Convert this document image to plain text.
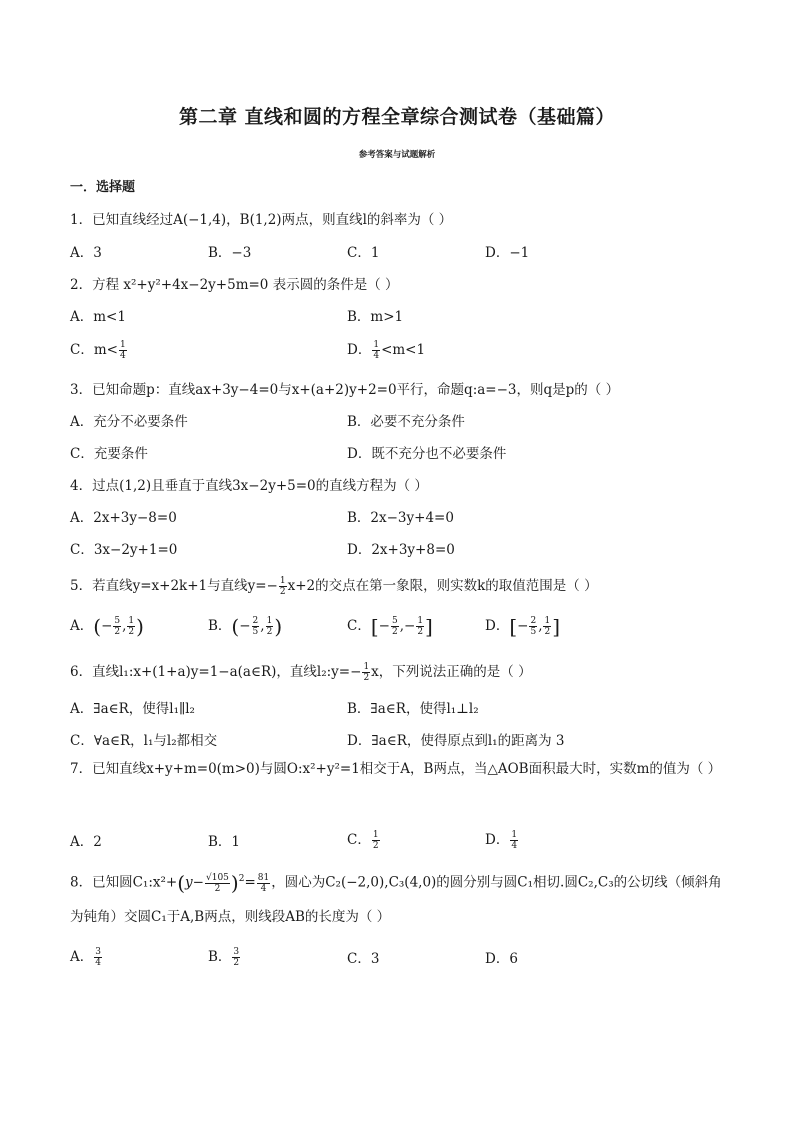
第二章 直线和圆的方程全章综合测试卷（基础篇）
参考答案与试题解析
一．选择题
1．已知直线经过A(−1,4)，B(1,2)两点，则直线l的斜率为（ ）
A．3	B．−3	C．1	D．−1
2．方程 x²+y²+4x−2y+5m=0 表示圆的条件是（ ）
A．m<1	B．m>1
C．$m< \frac{1}{4}$	D． $\frac{1}{4} <m<1$
3．已知命题p：直线ax+3y−4=0与x+(a+2)y+2=0平行，命题q:a=−3，则q是p的（ ）
A．充分不必要条件	B．必要不充分条件
C．充要条件	D．既不充分也不必要条件
4．过点(1,2)且垂直于直线3x−2y+5=0的直线方程为（ ）
A．2x+3y−8=0	B．2x−3y+4=0
C．3x−2y+1=0	D．2x+3y+8=0
5．若直线y=x+2k+1与直线$y=- \frac{1}{2} x+2$的交点在第一象限，则实数k的取值范围是（ ）
A．(− $\frac{5}{2}$ , $\frac{1}{2}$ )	B．(− $\frac{2}{5}$ , $\frac{1}{2}$ )	C．[− $\frac{5}{2}$ ,− $\frac{1}{2}$ ]	D．[− $\frac{2}{5}$ , $\frac{1}{2}$ ]
6．直线l₁:x+(1+a)y=1−a(a∈R)，直线l₂:y=− $\frac{1}{2}$ x，下列说法正确的是（ ）
A．∃a∈R，使得l₁∥l₂	B．∃a∈R，使得l₁⊥l₂
C．∀a∈R，l₁与l₂都相交	D．∃a∈R，使得原点到l₁的距离为 3
7．已知直线x+y+m=0(m>0)与圆O:x²+y²=1相交于A，B两点，当△AOB面积最大时，实数m的值为（ ）
A．2	B．1	C． $\frac{1}{2}$	D． $\frac{1}{4}$
8．已知圆C₁:x²+(y− $\frac{√105}{2} )^2= \frac{81}{4}$ ，圆心为C₂(−2,0),C₃(4,0)的圆分别与圆C₁相切.圆C₂,C₃的公切线（倾斜角为钝角）交圆C₁于A,B两点，则线段AB的长度为（ ）
A． $\frac{3}{4}$	B． $\frac{3}{2}$	C．3	D．6
